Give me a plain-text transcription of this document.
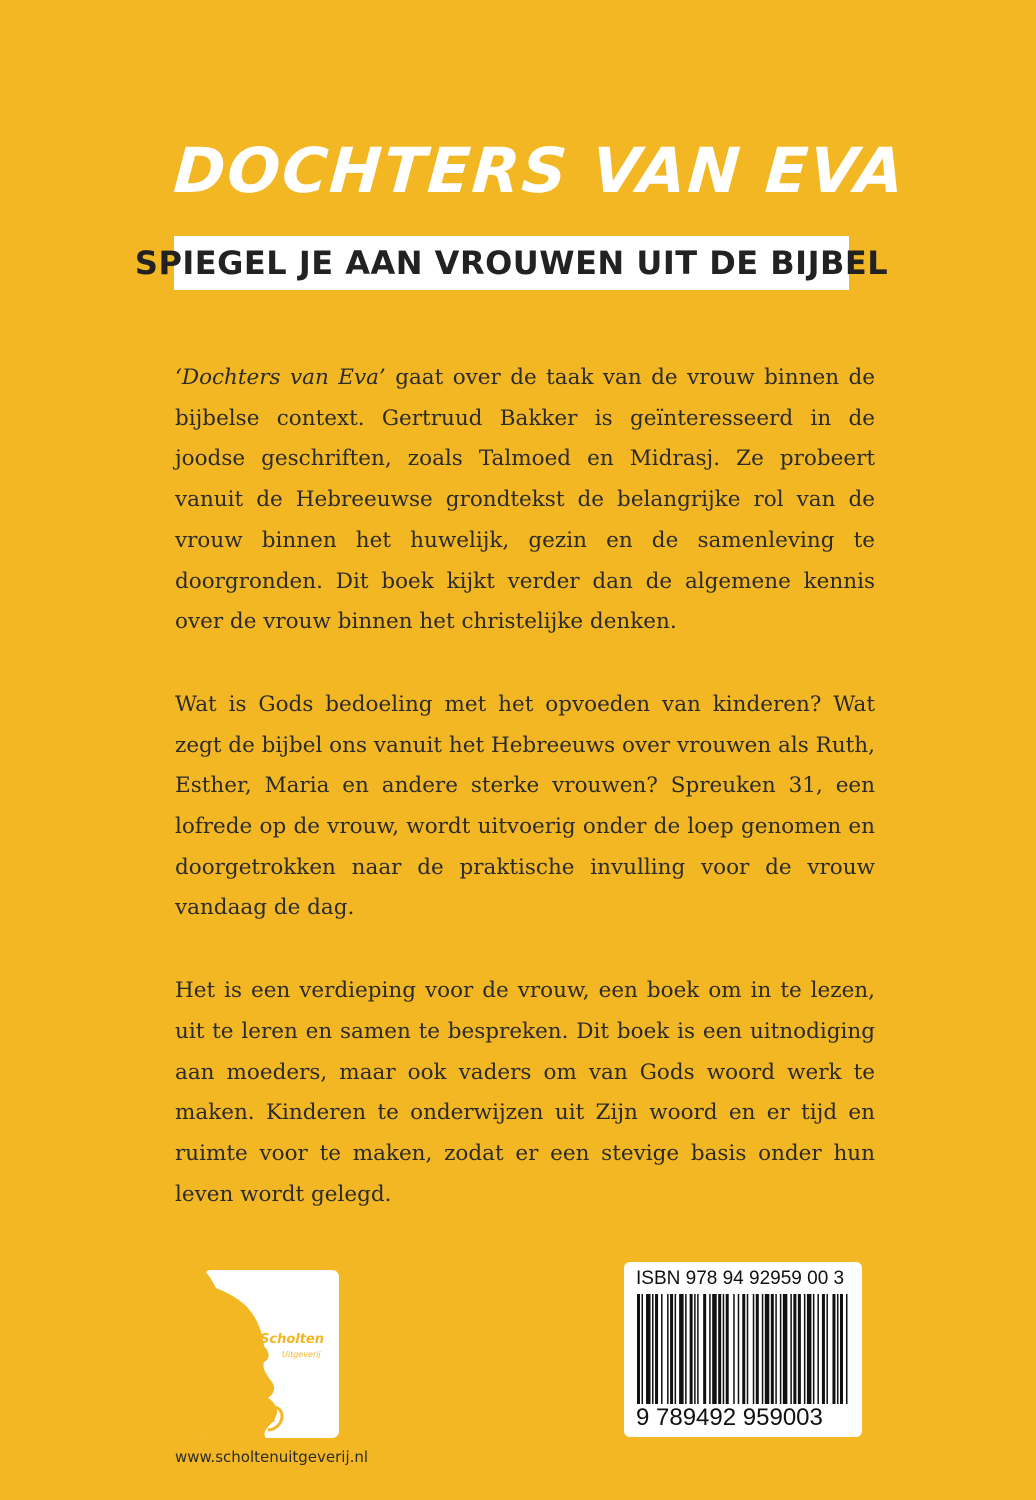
DOCHTERS VAN EVA
SPIEGEL JE AAN VROUWEN UIT DE BIJBEL

‘Dochters van Eva’ gaat over de taak van de vrouw binnen de bijbelse context. Gertruud Bakker is geïnteresseerd in de joodse geschriften, zoals Talmoed en Midrasj. Ze probeert vanuit de Hebreeuwse grondtekst de belangrijke rol van de vrouw binnen het huwelijk, gezin en de samenleving te doorgronden. Dit boek kijkt verder dan de algemene kennis over de vrouw binnen het christelijke denken.

Wat is Gods bedoeling met het opvoeden van kinderen? Wat zegt de bijbel ons vanuit het Hebreeuws over vrouwen als Ruth, Esther, Maria en andere sterke vrouwen? Spreuken 31, een lofrede op de vrouw, wordt uitvoerig onder de loep genomen en doorgetrokken naar de praktische invulling voor de vrouw vandaag de dag.

Het is een verdieping voor de vrouw, een boek om in te lezen, uit te leren en samen te bespreken. Dit boek is een uitnodiging aan moeders, maar ook vaders om van Gods woord werk te maken. Kinderen te onderwijzen uit Zijn woord en er tijd en ruimte voor te maken, zodat er een stevige basis onder hun leven wordt gelegd.

Scholten
Uitgeverij
www.scholtenuitgeverij.nl
ISBN 978 94 92959 00 3
9 789492 959003
